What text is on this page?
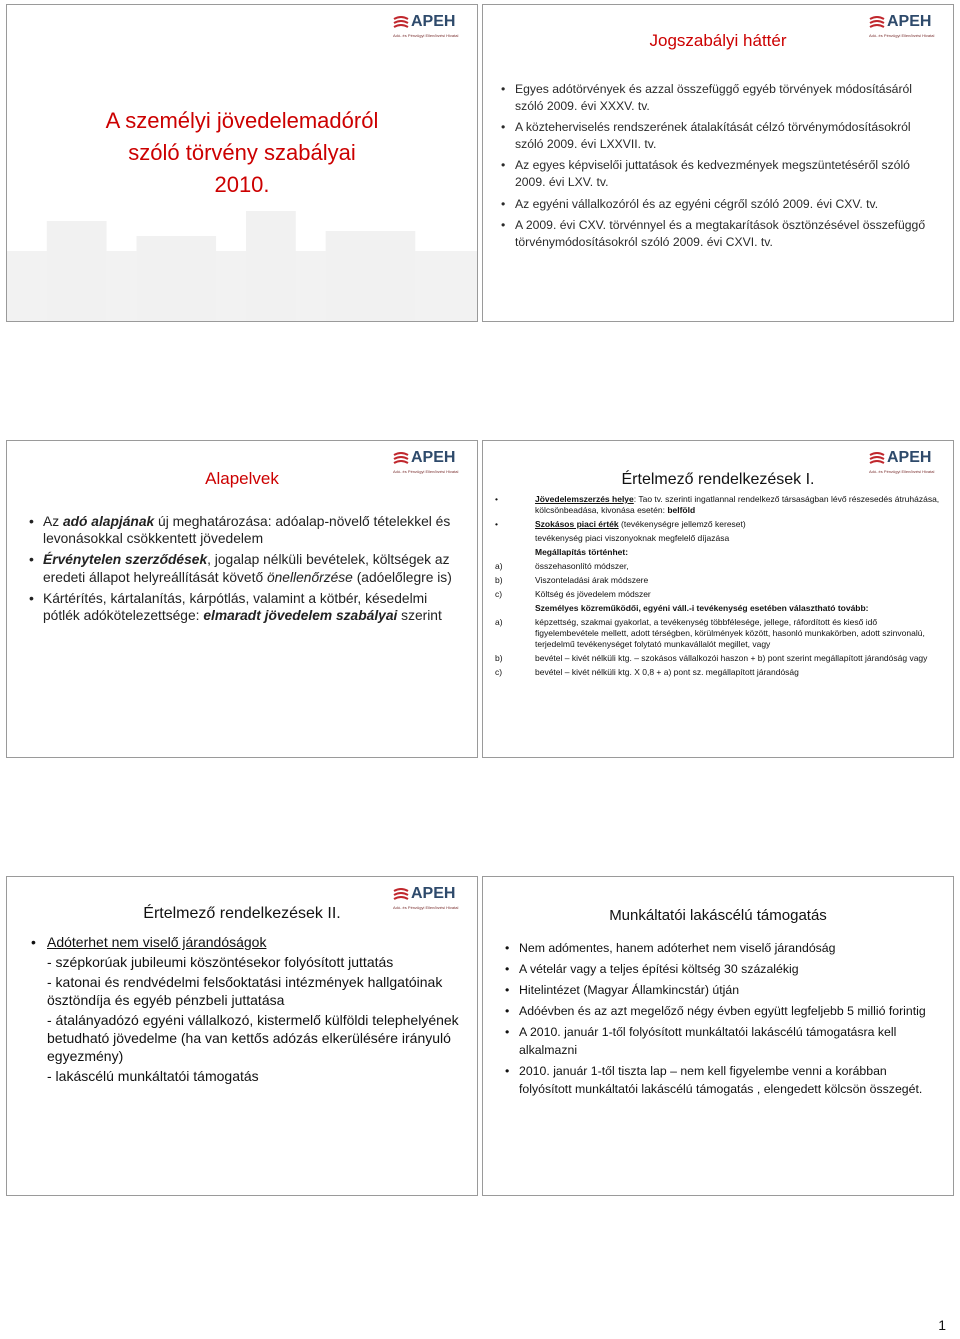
APEH
Adó- és Pénzügyi Ellenőrzési Hivatal
A személyi jövedelemadóról
szóló törvény szabályai
2010.
APEH
Adó- és Pénzügyi Ellenőrzési Hivatal
Jogszabályi háttér
• Egyes adótörvények és azzal összefüggő egyéb törvények módosításáról szóló 2009. évi XXXV. tv.
• A közteherviselés rendszerének átalakítását célzó törvénymódosításokról szóló 2009. évi LXXVII. tv.
• Az egyes képviselői juttatások és kedvezmények megszüntetéséről szóló 2009. évi LXV. tv.
• Az egyéni vállalkozóról és az egyéni cégről szóló 2009. évi CXV. tv.
• A 2009. évi CXV. törvénnyel és a megtakarítások ösztönzésével összefüggő törvénymódosításokról szóló 2009. évi CXVI. tv.
APEH
Adó- és Pénzügyi Ellenőrzési Hivatal
Alapelvek
• Az adó alapjának új meghatározása: adóalap-növelő tételekkel és levonásokkal csökkentett jövedelem
• Érvénytelen szerződések, jogalap nélküli bevételek, költségek az eredeti állapot helyreállítását követő önellenőrzése (adóelőlegre is)
• Kártérítés, kártalanítás, kárpótlás, valamint a kötbér, késedelmi pótlék adókötelezettsége: elmaradt jövedelem szabályai szerint
APEH
Adó- és Pénzügyi Ellenőrzési Hivatal
Értelmező rendelkezések I.
•	Jövedelemszerzés helye: Tao tv. szerinti ingatlannal rendelkező társaságban lévő részesedés átruházása, kölcsönbeadása, kivonása esetén: belföld
•	Szokásos piaci érték (tevékenységre jellemző kereset)
tevékenység piaci viszonyoknak megfelelő díjazása
Megállapítás történhet:
a)	összehasonlító módszer,
b)	Viszonteladási árak módszere
c)	Költség és jövedelem módszer
Személyes közreműködői, egyéni váll.-i tevékenység esetében választható tovább:
a)	képzettség, szakmai gyakorlat, a tevékenység többfélesége, jellege, ráfordított és kieső idő figyelembevétele mellett, adott térségben, körülmények között, hasonló munkakörben, adott szinvonalú, terjedelmű tevékenységet folytató munkavállalót megillet, vagy
b)	bevétel – kivét nélküli ktg. – szokásos vállalkozói haszon + b) pont szerint megállapított járandóság vagy
c)	bevétel – kivét nélküli ktg. X 0,8 + a) pont sz. megállapított járandóság
APEH
Adó- és Pénzügyi Ellenőrzési Hivatal
Értelmező rendelkezések II.
• Adóterhet nem viselő járandóságok
- szépkorúak jubileumi köszöntésekor folyósított juttatás
- katonai és rendvédelmi felsőoktatási intézmények hallgatóinak ösztöndíja és egyéb pénzbeli juttatása
- átalányadózó egyéni vállalkozó, kistermelő külföldi telephelyének betudható jövedelme (ha van kettős adózás elkerülésére irányuló egyezmény)
- lakáscélú munkáltatói támogatás
Munkáltatói lakáscélú támogatás
• Nem adómentes, hanem adóterhet nem viselő járandóság
• A vételár vagy a teljes építési költség 30 százalékig
• Hitelintézet (Magyar Államkincstár) útján
• Adóévben és az azt megelőző négy évben együtt legfeljebb 5 millió forintig
• A 2010. január 1-től folyósított munkáltatói lakáscélú támogatásra kell alkalmazni
• 2010. január 1-től tiszta lap – nem kell figyelembe venni a korábban folyósított munkáltatói lakáscélú támogatás , elengedett kölcsön összegét.
1
